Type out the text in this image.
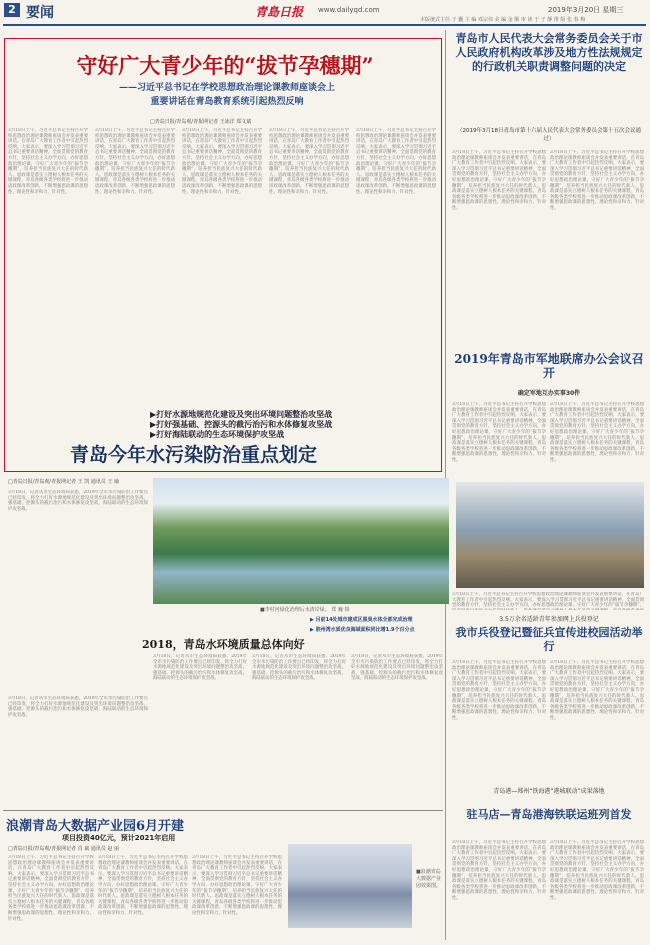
2 要闻	青島日报 www.dailyqd.com	2019年3月20日 星期三
本版统式主任 于 囊 主 编 邓宗伟 美 编 金 顺 审 读 于 子 静 排 版 张 春 梅
守好广大青少年的“拔节孕穗期”
——习近平总书记在学校思想政治理论课教师座谈会上
重要讲话在青岛教育系统引起热烈反响
□青岛日报/青岛观/青报网记者 王冰洋 郑文斌
3月18日上午，习近平总书记主持召开学校思想政治理论课教师座谈会并发表重要讲话，在青岛广大教育工作者中引起热烈反响。大家表示，要深入学习贯彻习近平总书记重要讲话精神，全面贯彻党的教育方针，坚持社会主义办学方向，办好思想政治理论课，守好广大青少年的“拔节孕穗期”，培养担当民族复兴大任的时代新人。思政课是落实立德树人根本任务的关键课程，青岛各级各类学校将进一步推动思政课改革创新，不断增强思政课的思想性、理论性和亲和力、针对性。
3月18日上午，习近平总书记主持召开学校思想政治理论课教师座谈会并发表重要讲话，在青岛广大教育工作者中引起热烈反响。大家表示，要深入学习贯彻习近平总书记重要讲话精神，全面贯彻党的教育方针，坚持社会主义办学方向，办好思想政治理论课，守好广大青少年的“拔节孕穗期”，培养担当民族复兴大任的时代新人。思政课是落实立德树人根本任务的关键课程，青岛各级各类学校将进一步推动思政课改革创新，不断增强思政课的思想性、理论性和亲和力、针对性。
3月18日上午，习近平总书记主持召开学校思想政治理论课教师座谈会并发表重要讲话，在青岛广大教育工作者中引起热烈反响。大家表示，要深入学习贯彻习近平总书记重要讲话精神，全面贯彻党的教育方针，坚持社会主义办学方向，办好思想政治理论课，守好广大青少年的“拔节孕穗期”，培养担当民族复兴大任的时代新人。思政课是落实立德树人根本任务的关键课程，青岛各级各类学校将进一步推动思政课改革创新，不断增强思政课的思想性、理论性和亲和力、针对性。
3月18日上午，习近平总书记主持召开学校思想政治理论课教师座谈会并发表重要讲话，在青岛广大教育工作者中引起热烈反响。大家表示，要深入学习贯彻习近平总书记重要讲话精神，全面贯彻党的教育方针，坚持社会主义办学方向，办好思想政治理论课，守好广大青少年的“拔节孕穗期”，培养担当民族复兴大任的时代新人。思政课是落实立德树人根本任务的关键课程，青岛各级各类学校将进一步推动思政课改革创新，不断增强思政课的思想性、理论性和亲和力、针对性。
3月18日上午，习近平总书记主持召开学校思想政治理论课教师座谈会并发表重要讲话，在青岛广大教育工作者中引起热烈反响。大家表示，要深入学习贯彻习近平总书记重要讲话精神，全面贯彻党的教育方针，坚持社会主义办学方向，办好思想政治理论课，守好广大青少年的“拔节孕穗期”，培养担当民族复兴大任的时代新人。思政课是落实立德树人根本任务的关键课程，青岛各级各类学校将进一步推动思政课改革创新，不断增强思政课的思想性、理论性和亲和力、针对性。
青岛市人民代表大会常务委员会关于市人民政府机构改革涉及地方性法规规定的行政机关职责调整问题的决定
（2019年3月18日青岛市第十六届人民代表大会常务委员会第十五次会议通过）
3月18日上午，习近平总书记主持召开学校思想政治理论课教师座谈会并发表重要讲话，在青岛广大教育工作者中引起热烈反响。大家表示，要深入学习贯彻习近平总书记重要讲话精神，全面贯彻党的教育方针，坚持社会主义办学方向，办好思想政治理论课，守好广大青少年的“拔节孕穗期”，培养担当民族复兴大任的时代新人。思政课是落实立德树人根本任务的关键课程，青岛各级各类学校将进一步推动思政课改革创新，不断增强思政课的思想性、理论性和亲和力、针对性。
3月18日上午，习近平总书记主持召开学校思想政治理论课教师座谈会并发表重要讲话，在青岛广大教育工作者中引起热烈反响。大家表示，要深入学习贯彻习近平总书记重要讲话精神，全面贯彻党的教育方针，坚持社会主义办学方向，办好思想政治理论课，守好广大青少年的“拔节孕穗期”，培养担当民族复兴大任的时代新人。思政课是落实立德树人根本任务的关键课程，青岛各级各类学校将进一步推动思政课改革创新，不断增强思政课的思想性、理论性和亲和力、针对性。
2019年青岛市军地联席办公会议召开
确定军地互办实事30件
3月18日上午，习近平总书记主持召开学校思想政治理论课教师座谈会并发表重要讲话，在青岛广大教育工作者中引起热烈反响。大家表示，要深入学习贯彻习近平总书记重要讲话精神，全面贯彻党的教育方针，坚持社会主义办学方向，办好思想政治理论课，守好广大青少年的“拔节孕穗期”，培养担当民族复兴大任的时代新人。思政课是落实立德树人根本任务的关键课程，青岛各级各类学校将进一步推动思政课改革创新，不断增强思政课的思想性、理论性和亲和力、针对性。
3月18日上午，习近平总书记主持召开学校思想政治理论课教师座谈会并发表重要讲话，在青岛广大教育工作者中引起热烈反响。大家表示，要深入学习贯彻习近平总书记重要讲话精神，全面贯彻党的教育方针，坚持社会主义办学方向，办好思想政治理论课，守好广大青少年的“拔节孕穗期”，培养担当民族复兴大任的时代新人。思政课是落实立德树人根本任务的关键课程，青岛各级各类学校将进一步推动思政课改革创新，不断增强思政课的思想性、理论性和亲和力、针对性。
3月18日上午，习近平总书记主持召开学校思想政治理论课教师座谈会并发表重要讲话，在青岛广大教育工作者中引起热烈反响。大家表示，要深入学习贯彻习近平总书记重要讲话精神，全面贯彻党的教育方针，坚持社会主义办学方向，办好思想政治理论课，守好广大青少年的“拔节孕穗期”，
3.5万余名适龄青年参加网上兵役登记
我市兵役登记暨征兵宣传进校园活动举行
3月18日上午，习近平总书记主持召开学校思想政治理论课教师座谈会并发表重要讲话，在青岛广大教育工作者中引起热烈反响。大家表示，要深入学习贯彻习近平总书记重要讲话精神，全面贯彻党的教育方针，坚持社会主义办学方向，办好思想政治理论课，守好广大青少年的“拔节孕穗期”，培养担当民族复兴大任的时代新人。思政课是落实立德树人根本任务的关键课程，青岛各级各类学校将进一步推动思政课改革创新，不断增强思政课的思想性、理论性和亲和力、针对性。
3月18日上午，习近平总书记主持召开学校思想政治理论课教师座谈会并发表重要讲话，在青岛广大教育工作者中引起热烈反响。大家表示，要深入学习贯彻习近平总书记重要讲话精神，全面贯彻党的教育方针，坚持社会主义办学方向，办好思想政治理论课，守好广大青少年的“拔节孕穗期”，培养担当民族复兴大任的时代新人。思政课是落实立德树人根本任务的关键课程，青岛各级各类学校将进一步推动思政课改革创新，不断增强思政课的思想性、理论性和亲和力、针对性。
青岛港—郑州“铁海港”港城联动”成果落地
驻马店—青岛港海铁联运班列首发
3月18日上午，习近平总书记主持召开学校思想政治理论课教师座谈会并发表重要讲话，在青岛广大教育工作者中引起热烈反响。大家表示，要深入学习贯彻习近平总书记重要讲话精神，全面贯彻党的教育方针，坚持社会主义办学方向，办好思想政治理论课，守好广大青少年的“拔节孕穗期”，培养担当民族复兴大任的时代新人。思政课是落实立德树人根本任务的关键课程，青岛各级各类学校将进一步推动思政课改革创新，不断增强思政课的思想性、理论性和亲和力、针对性。
3月18日上午，习近平总书记主持召开学校思想政治理论课教师座谈会并发表重要讲话，在青岛广大教育工作者中引起热烈反响。大家表示，要深入学习贯彻习近平总书记重要讲话精神，全面贯彻党的教育方针，坚持社会主义办学方向，办好思想政治理论课，守好广大青少年的“拔节孕穗期”，培养担当民族复兴大任的时代新人。思政课是落实立德树人根本任务的关键课程，青岛各级各类学校将进一步推动思政课改革创新，不断增强思政课的思想性、理论性和亲和力、针对性。
▶打好水源地规范化建设及突出环境问题整治攻坚战
▶打好强基础、控源头的截污治污和水体修复攻坚战
▶打好海陆联动的生态环境保护攻坚战
青岛今年水污染防治重点划定
□青岛日报/青岛观/青报网记者 王 凯 通讯员 王 瑜
3月18日，记者从市生态环境局获悉，2019年全市水污染防治工作要点已经印发，将全力打好水源地规范化建设及突出环境问题整治攻坚战，强基础、控源头的截污治污和水体修复攻坚战，海陆联动的生态环境保护攻坚战。
■李村河绿化治理后水清岸绿。 郑 巍 摄
▶ 目前14处城市建成区黑臭水体全部完成治理
▶ 胶州湾水质优良海域面积同比增1.9个百分点
2018，青岛水环境质量总体向好
3月18日，记者从市生态环境局获悉，2019年全市水污染防治工作要点已经印发，将全力打好水源地规范化建设及突出环境问题整治攻坚战，强基础、控源头的截污治污和水体修复攻坚战，海陆联动的生态环境保护攻坚战。
3月18日，记者从市生态环境局获悉，2019年全市水污染防治工作要点已经印发，将全力打好水源地规范化建设及突出环境问题整治攻坚战，强基础、控源头的截污治污和水体修复攻坚战，海陆联动的生态环境保护攻坚战。
3月18日，记者从市生态环境局获悉，2019年全市水污染防治工作要点已经印发，将全力打好水源地规范化建设及突出环境问题整治攻坚战，强基础、控源头的截污治污和水体修复攻坚战，海陆联动的生态环境保护攻坚战。
3月18日，记者从市生态环境局获悉，2019年全市水污染防治工作要点已经印发，将全力打好水源地规范化建设及突出环境问题整治攻坚战，强基础、控源头的截污治污和水体修复攻坚战，海陆联动的生态环境保护攻坚战。
浪潮青岛大数据产业园6月开建
项目投资40亿元，预计2021年启用
□青岛日报/青岛观/青报网记者 肖 斌 通讯员 赵 丽
3月18日上午，习近平总书记主持召开学校思想政治理论课教师座谈会并发表重要讲话，在青岛广大教育工作者中引起热烈反响。大家表示，要深入学习贯彻习近平总书记重要讲话精神，全面贯彻党的教育方针，坚持社会主义办学方向，办好思想政治理论课，守好广大青少年的“拔节孕穗期”，培养担当民族复兴大任的时代新人。思政课是落实立德树人根本任务的关键课程，青岛各级各类学校将进一步推动思政课改革创新，不断增强思政课的思想性、理论性和亲和力、针对性。
3月18日上午，习近平总书记主持召开学校思想政治理论课教师座谈会并发表重要讲话，在青岛广大教育工作者中引起热烈反响。大家表示，要深入学习贯彻习近平总书记重要讲话精神，全面贯彻党的教育方针，坚持社会主义办学方向，办好思想政治理论课，守好广大青少年的“拔节孕穗期”，培养担当民族复兴大任的时代新人。思政课是落实立德树人根本任务的关键课程，青岛各级各类学校将进一步推动思政课改革创新，不断增强思政课的思想性、理论性和亲和力、针对性。
3月18日上午，习近平总书记主持召开学校思想政治理论课教师座谈会并发表重要讲话，在青岛广大教育工作者中引起热烈反响。大家表示，要深入学习贯彻习近平总书记重要讲话精神，全面贯彻党的教育方针，坚持社会主义办学方向，办好思想政治理论课，守好广大青少年的“拔节孕穗期”，培养担当民族复兴大任的时代新人。思政课是落实立德树人根本任务的关键课程，青岛各级各类学校将进一步推动思政课改革创新，不断增强思政课的思想性、理论性和亲和力、针对性。
■浪潮青岛大数据产业园效果图。
